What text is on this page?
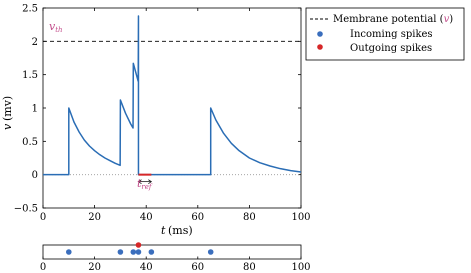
0	20	40	60	80	100
−0.5
0
0.5
1
1.5
2
2.5
t (ms)
v
(mv)
vth
tref
Membrane potential (v)
Incoming spikes
Outgoing spikes
0	20	40	60	80	100
